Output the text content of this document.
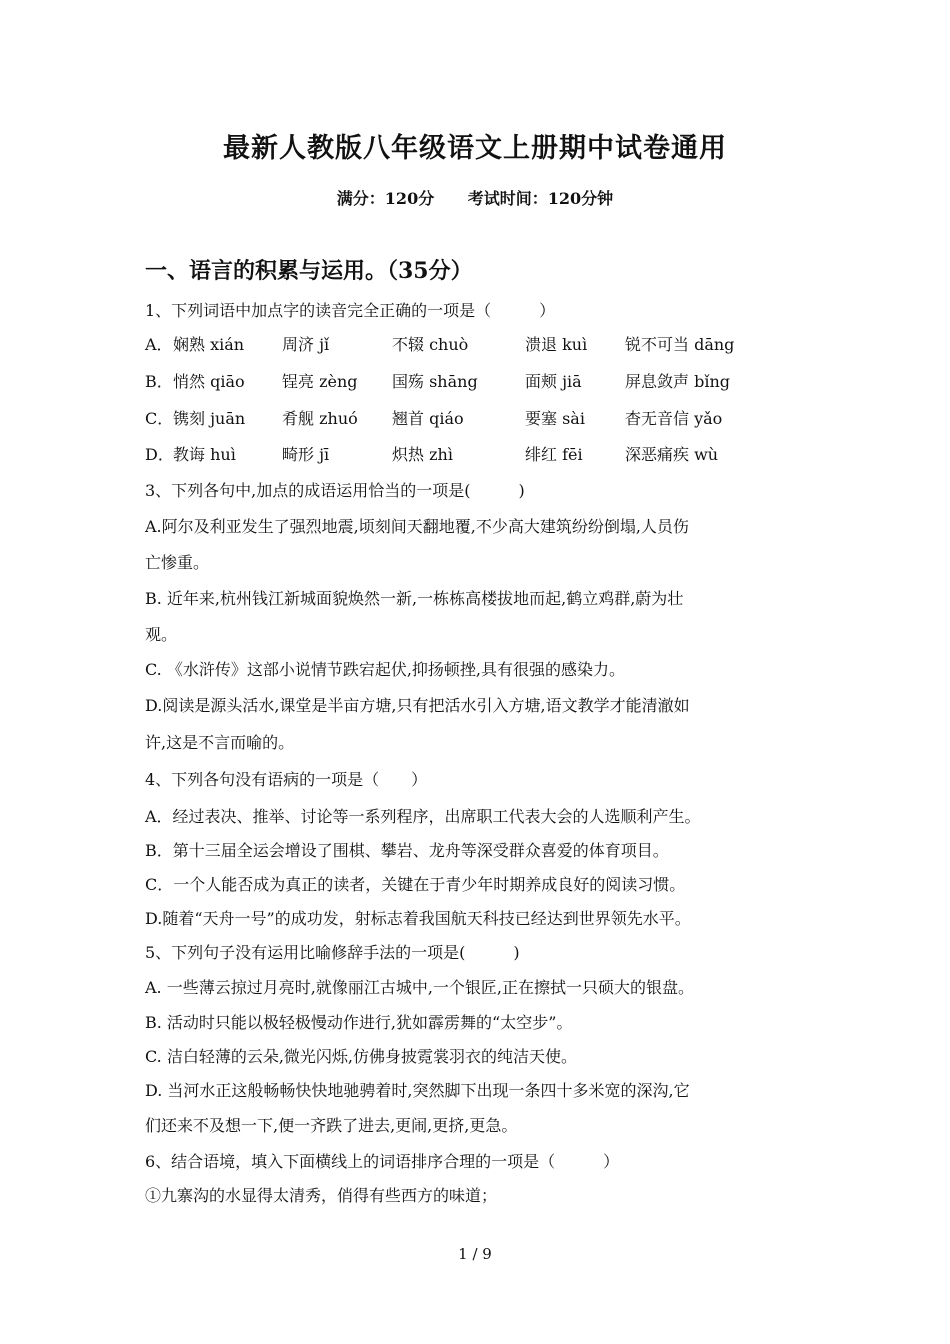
最新人教版八年级语文上册期中试卷通用
满分：120分 考试时间：120分钟
一、语言的积累与运用。（35分）
1、下列词语中加点字的读音完全正确的一项是（　　　）
A． 娴熟 xián 周济 jǐ	不辍 chuò	溃退 kuì 锐不可当 dāng
B． 悄然 qiāo 锃亮 zèng 国殇 shāng	面颊 jiā	屏息敛声 bǐng
C． 镌刻 juān 肴舰 zhuó 翘首 qiáo	要塞 sài	杳无音信 yǎo
D． 教诲 huì	畸形 jī	炽热 zhì	绯红 fēi	深恶痛疾 wù
3、下列各句中,加点的成语运用恰当的一项是(　　　)
A.阿尔及利亚发生了强烈地震,顷刻间天翻地覆,不少高大建筑纷纷倒塌,人员伤
亡惨重。
B. 近年来,杭州钱江新城面貌焕然一新,一栋栋高楼拔地而起,鹤立鸡群,蔚为壮
观。
C. 《水浒传》这部小说情节跌宕起伏,抑扬顿挫,具有很强的感染力。
D.阅读是源头活水,课堂是半亩方塘,只有把活水引入方塘,语文教学才能清澈如
许,这是不言而喻的。
4、下列各句没有语病的一项是（　　）
A．经过表决、推举、讨论等一系列程序，出席职工代表大会的人选顺利产生。
B．第十三届全运会增设了围棋、攀岩、龙舟等深受群众喜爱的体育项目。
C．一个人能否成为真正的读者，关键在于青少年时期养成良好的阅读习惯。
D.随着“天舟一号”的成功发，射标志着我国航天科技已经达到世界领先水平。
5、下列句子没有运用比喻修辞手法的一项是(　　　)
A. 一些薄云掠过月亮时,就像丽江古城中,一个银匠,正在擦拭一只硕大的银盘。
B. 活动时只能以极轻极慢动作进行,犹如霹雳舞的“太空步”。
C. 洁白轻薄的云朵,微光闪烁,仿佛身披霓裳羽衣的纯洁天使。
D. 当河水正这般畅畅快快地驰骋着时,突然脚下出现一条四十多米宽的深沟,它
们还来不及想一下,便一齐跌了进去,更闹,更挤,更急。
6、结合语境，填入下面横线上的词语排序合理的一项是（　　　）
①九寨沟的水显得太清秀，俏得有些西方的味道；
1 / 9
